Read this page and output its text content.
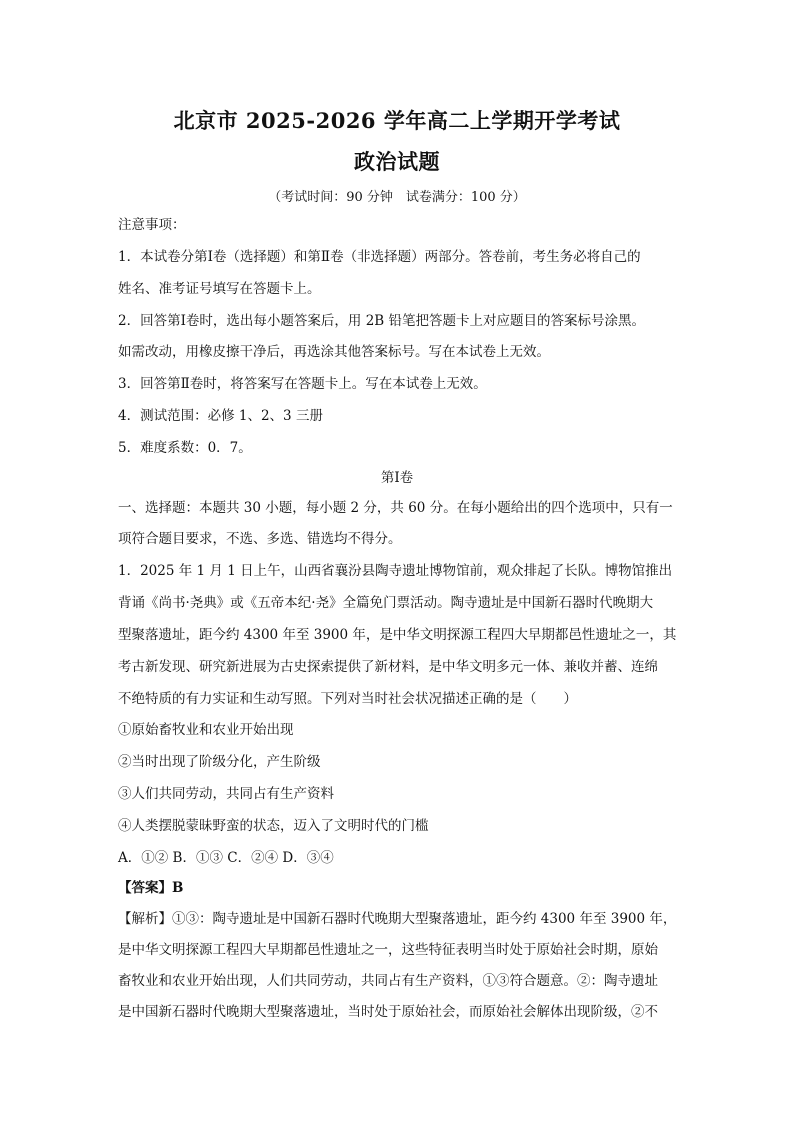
北京市 2025-2026 学年高二上学期开学考试
政治试题
（考试时间：90 分钟　试卷满分：100 分）
注意事项：
1．本试卷分第Ⅰ卷（选择题）和第Ⅱ卷（非选择题）两部分。答卷前，考生务必将自己的
姓名、准考证号填写在答题卡上。
2．回答第Ⅰ卷时，选出每小题答案后，用 2B 铅笔把答题卡上对应题目的答案标号涂黑。
如需改动，用橡皮擦干净后，再选涂其他答案标号。写在本试卷上无效。
3．回答第Ⅱ卷时，将答案写在答题卡上。写在本试卷上无效。
4．测试范围：必修 1、2、3 三册
5．难度系数：0．7。
第Ⅰ卷
一、选择题：本题共 30 小题，每小题 2 分，共 60 分。在每小题给出的四个选项中，只有一
项符合题目要求，不选、多选、错选均不得分。
1．2025 年 1 月 1 日上午，山西省襄汾县陶寺遗址博物馆前，观众排起了长队。博物馆推出
背诵《尚书·尧典》或《五帝本纪·尧》全篇免门票活动。陶寺遗址是中国新石器时代晚期大
型聚落遗址，距今约 4300 年至 3900 年，是中华文明探源工程四大早期都邑性遗址之一，其
考古新发现、研究新进展为古史探索提供了新材料，是中华文明多元一体、兼收并蓄、连绵
不绝特质的有力实证和生动写照。下列对当时社会状况描述正确的是（　　）
①原始畜牧业和农业开始出现
②当时出现了阶级分化，产生阶级
③人们共同劳动，共同占有生产资料
④人类摆脱蒙昧野蛮的状态，迈入了文明时代的门槛
A．①② B．①③ C．②④ D．③④
【答案】B
【解析】①③：陶寺遗址是中国新石器时代晚期大型聚落遗址，距今约 4300 年至 3900 年，
是中华文明探源工程四大早期都邑性遗址之一，这些特征表明当时处于原始社会时期，原始
畜牧业和农业开始出现，人们共同劳动，共同占有生产资料，①③符合题意。②：陶寺遗址
是中国新石器时代晚期大型聚落遗址，当时处于原始社会，而原始社会解体出现阶级，②不
